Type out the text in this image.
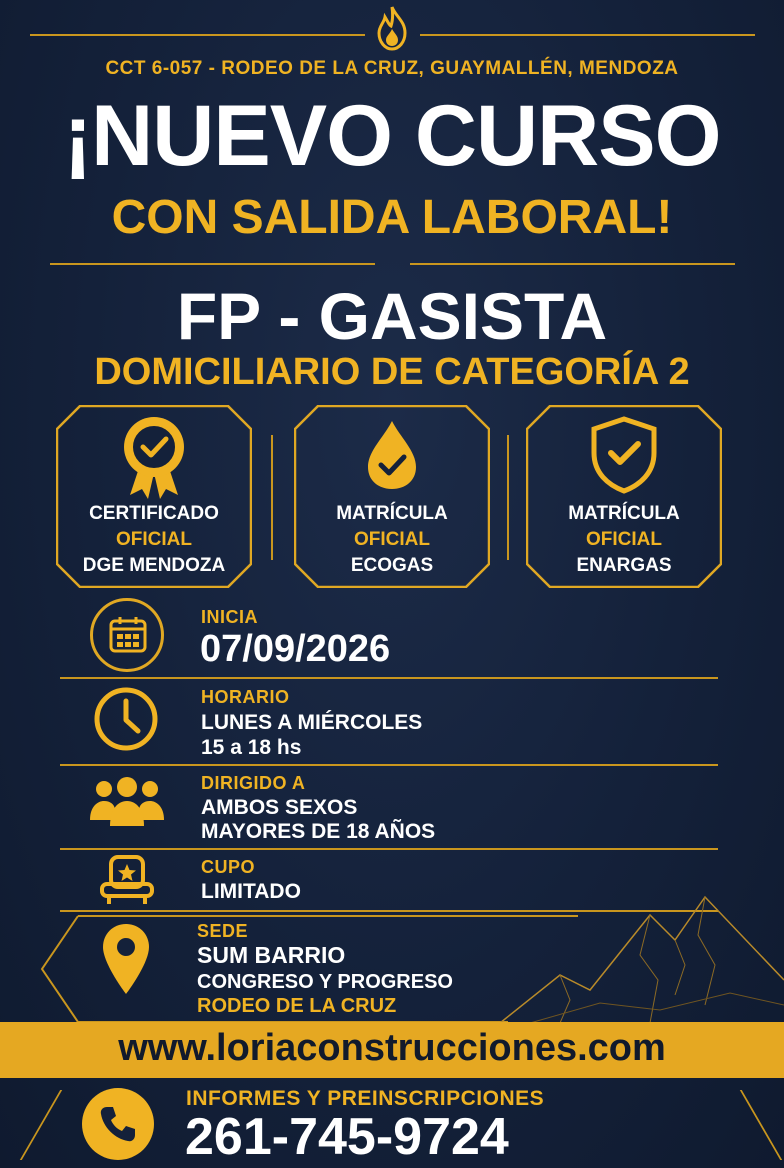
CCT 6-057 - RODEO DE LA CRUZ, GUAYMALLÉN, MENDOZA
¡NUEVO CURSO
CON SALIDA LABORAL!
FP - GASISTA
DOMICILIARIO DE CATEGORÍA 2
CERTIFICADO
OFICIAL
DGE MENDOZA
MATRÍCULA
OFICIAL
ECOGAS
MATRÍCULA
OFICIAL
ENARGAS
INICIA
07/09/2026
HORARIO
LUNES A MIÉRCOLES
15 a 18 hs
DIRIGIDO A
AMBOS SEXOS
MAYORES DE 18 AÑOS
CUPO
LIMITADO
SEDE
SUM BARRIO
CONGRESO Y PROGRESO
RODEO DE LA CRUZ
www.loriaconstrucciones.com
INFORMES Y PREINSCRIPCIONES
261-745-9724
